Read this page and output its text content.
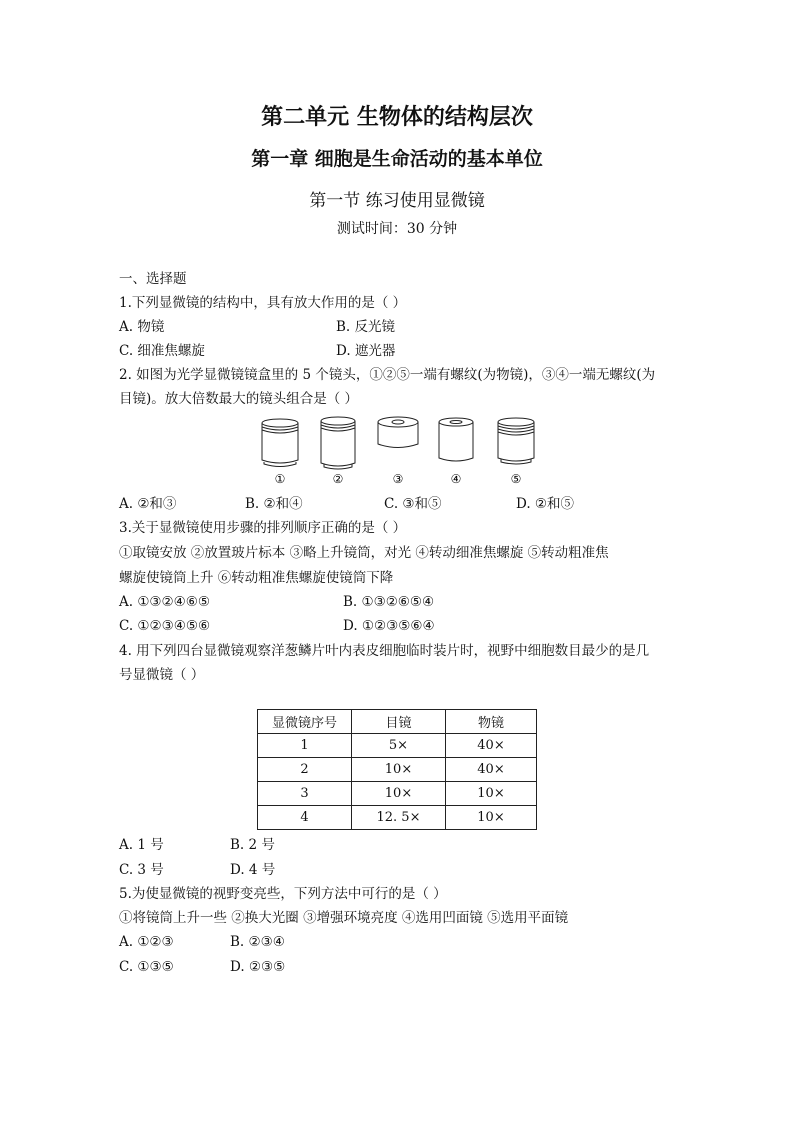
第二单元 生物体的结构层次
第一章 细胞是生命活动的基本单位
第一节 练习使用显微镜
测试时间：30 分钟
一、选择题
1.下列显微镜的结构中，具有放大作用的是（ ）
A. 物镜	B. 反光镜
C. 细准焦螺旋	D. 遮光器
2. 如图为光学显微镜镜盒里的 5 个镜头，①②⑤一端有螺纹(为物镜)，③④一端无螺纹(为
目镜)。放大倍数最大的镜头组合是（ ）
①	②	③	④	⑤
A. ②和③	B. ②和④	C. ③和⑤	D. ②和⑤
3.关于显微镜使用步骤的排列顺序正确的是（ ）
①取镜安放 ②放置玻片标本 ③略上升镜筒，对光 ④转动细准焦螺旋 ⑤转动粗准焦
螺旋使镜筒上升 ⑥转动粗准焦螺旋使镜筒下降
A. ①③②④⑥⑤	B. ①③②⑥⑤④
C. ①②③④⑤⑥	D. ①②③⑤⑥④
4. 用下列四台显微镜观察洋葱鳞片叶内表皮细胞临时装片时，视野中细胞数目最少的是几
号显微镜（ ）
显微镜序号	目镜	物镜
1	5×	40×
2	10×	40×
3	10×	10×
4	12. 5×	10×
A. 1 号	B. 2 号
C. 3 号	D. 4 号
5.为使显微镜的视野变亮些，下列方法中可行的是（ ）
①将镜筒上升一些 ②换大光圈 ③增强环境亮度 ④选用凹面镜 ⑤选用平面镜
A. ①②③	B. ②③④
C. ①③⑤	D. ②③⑤
